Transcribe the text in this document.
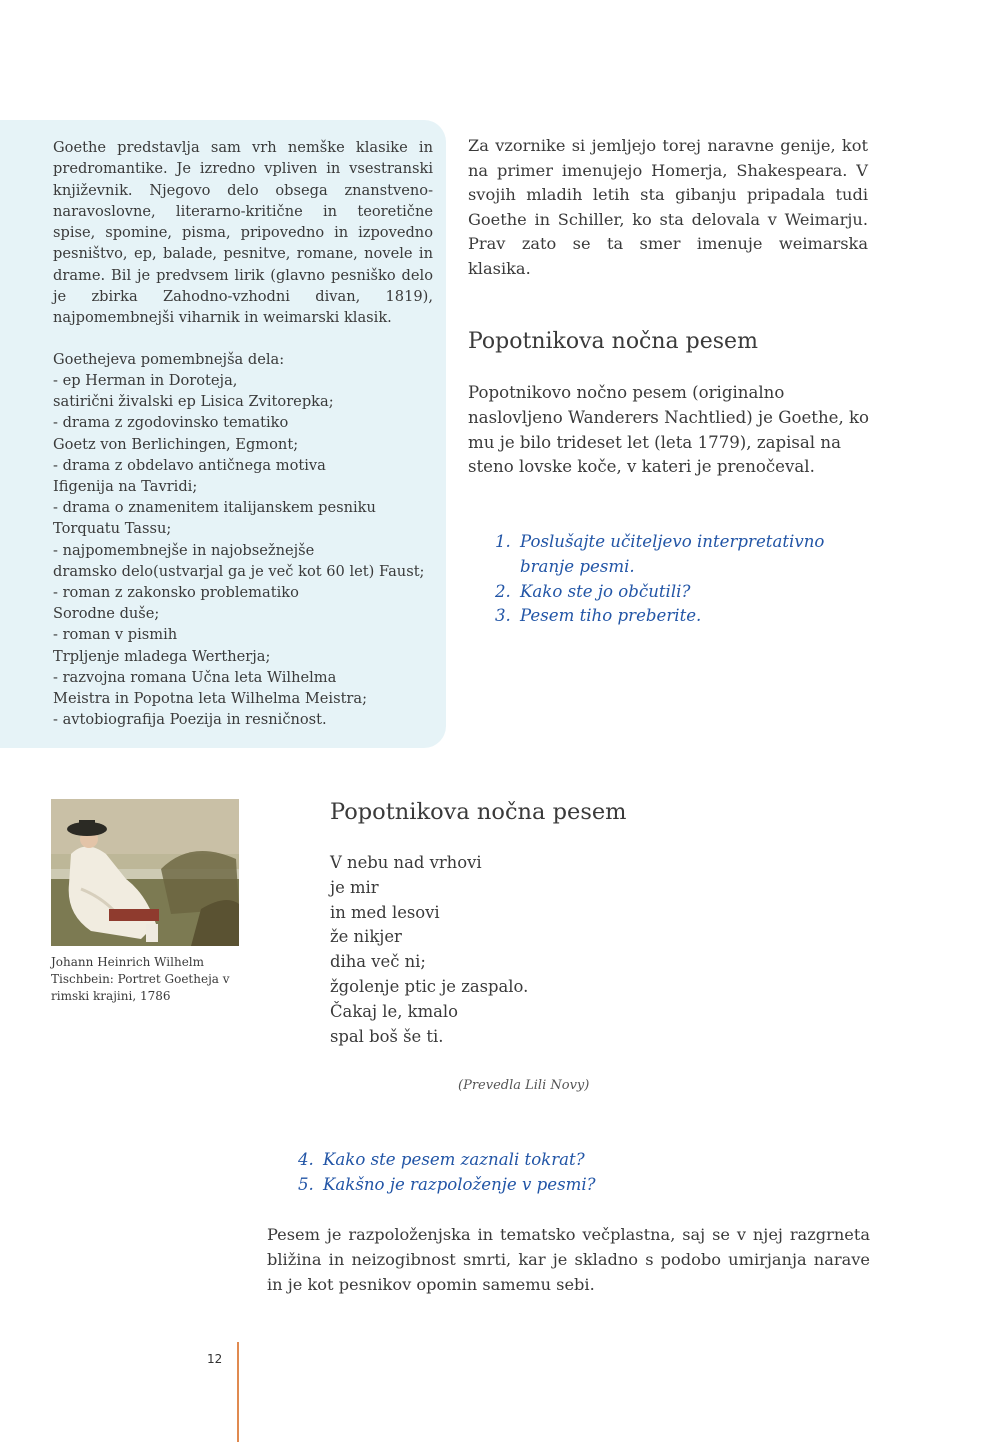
Goethe predstavlja sam vrh nemške klasike in predromantike. Je izredno vpliven in vsestranski književnik. Njegovo delo obsega znanstveno-naravoslovne, literarno-kritične in teoretične spise, spomine, pisma, pripovedno in izpovedno pesništvo, ep, balade, pesnitve, romane, novele in drame. Bil je predvsem lirik (glavno pesniško delo je zbirka Zahodno-vzhodni divan, 1819), najpomembnejši viharnik in weimarski klasik.

Goethejeva pomembnejša dela:

- ep Herman in Doroteja,
satirični živalski ep Lisica Zvitorepka;
- drama z zgodovinsko tematiko
Goetz von Berlichingen, Egmont;
- drama z obdelavo antičnega motiva
Ifigenija na Tavridi;
- drama o znamenitem italijanskem pesniku
Torquatu Tassu;
- najpomembnejše in najobsežnejše
dramsko delo(ustvarjal ga je več kot 60 let) Faust;
- roman z zakonsko problematiko
Sorodne duše;
- roman v pismih
Trpljenje mladega Wertherja;
- razvojna romana Učna leta Wilhelma
Meistra in Popotna leta Wilhelma Meistra;
- avtobiografija Poezija in resničnost.

Za vzornike si jemljejo torej naravne genije, kot na primer imenujejo Homerja, Shakespeara. V svojih mladih letih sta gibanju pripadala tudi Goethe in Schiller, ko sta delovala v Weimarju. Prav zato se ta smer imenuje weimarska klasika.

Popotnikova nočna pesem

Popotnikovo nočno pesem (originalno naslovljeno Wanderers Nachtlied) je Goethe, ko mu je bilo trideset let (leta 1779), zapisal na steno lovske koče, v kateri je prenočeval.

1. Poslušajte učiteljevo interpretativno branje pesmi.
2. Kako ste jo občutili?
3. Pesem tiho preberite.

Johann Heinrich Wilhelm Tischbein: Portret Goetheja v rimski krajini, 1786

Popotnikova nočna pesem
V nebu nad vrhovi
je mir
in med lesovi
že nikjer
diha več ni;
žgolenje ptic je zaspalo.
Čakaj le, kmalo
spal boš še ti.

(Prevedla Lili Novy)

4. Kako ste pesem zaznali tokrat?
5. Kakšno je razpoloženje v pesmi?

Pesem je razpoloženjska in tematsko večplastna, saj se v njej razgrneta bližina in neizogibnost smrti, kar je skladno s podobo umirjanja narave in je kot pesnikov opomin samemu sebi.

12
